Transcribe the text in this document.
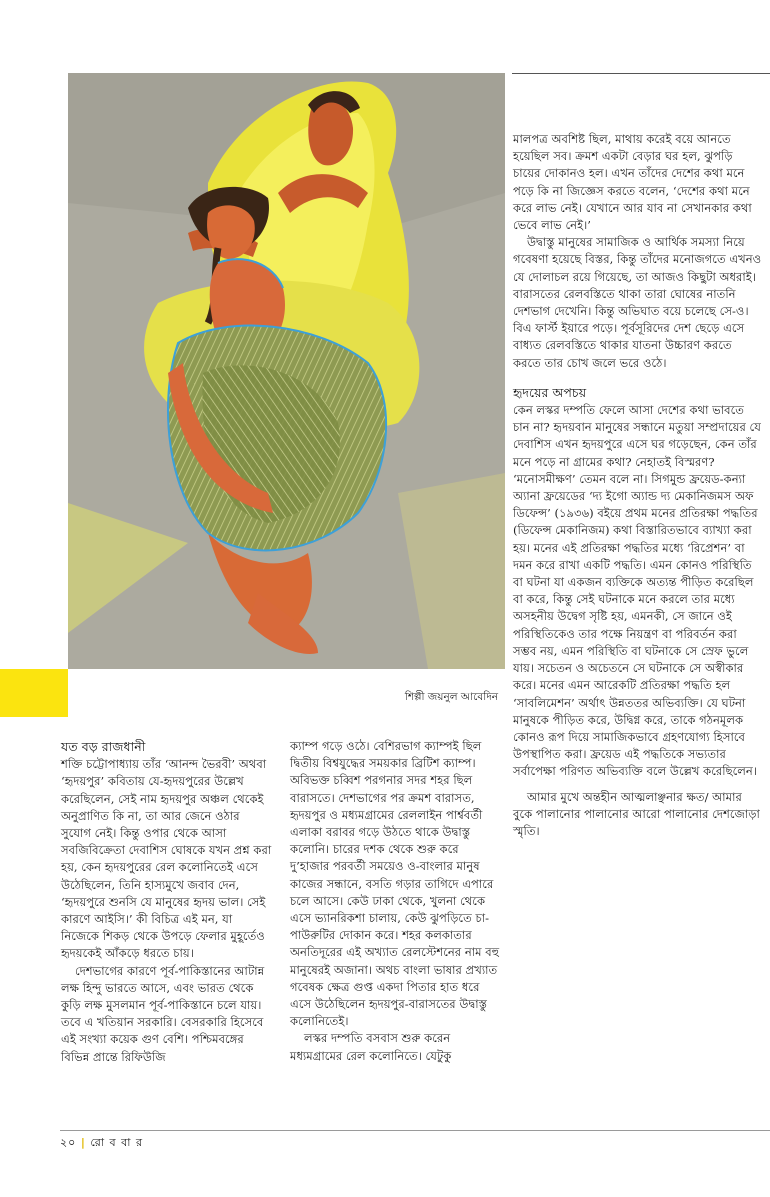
শিল্পী জয়নুল আবেদিন

মালপত্র অবশিষ্ট ছিল, মাথায় করেই বয়ে আনতে হয়েছিল সব। ক্রমশ একটা বেড়ার ঘর হল, ঝুপড়ি চায়ের দোকানও হল। এখন তাঁদের দেশের কথা মনে পড়ে কি না জিজ্ঞেস করতে বলেন, ‘দেশের কথা মনে করে লাভ নেই। যেখানে আর যাব না সেখানকার কথা ভেবে লাভ নেই।’

উদ্বাস্তু মানুষের সামাজিক ও আর্থিক সমস্যা নিয়ে গবেষণা হয়েছে বিস্তর, কিন্তু তাঁদের মনোজগতে এখনও যে দোলাচল রয়ে গিয়েছে, তা আজও কিছুটা অধরাই। বারাসতের রেলবস্তিতে থাকা তারা ঘোষের নাতনি দেশভাগ দেখেনি। কিন্তু অভিঘাত বয়ে চলেছে সে-ও। বিএ ফার্স্ট ইয়ারে পড়ে। পূর্বসূরিদের দেশ ছেড়ে এসে বাধ্যত রেলবস্তিতে থাকার যাতনা উচ্চারণ করতে করতে তার চোখ জলে ভরে ওঠে।

হৃদয়ের অপচয়

কেন লস্কর দম্পতি ফেলে আসা দেশের কথা ভাবতে চান না? হৃদয়বান মানুষের সন্ধানে মতুয়া সম্প্রদায়ের যে দেবাশিস এখন হৃদয়পুরে এসে ঘর গড়েছেন, কেন তাঁর মনে পড়ে না গ্রামের কথা? নেহাতই বিস্মরণ? ‘মনোসমীক্ষণ’ তেমন বলে না। সিগমুন্ড ফ্রয়েড-কন্যা অ্যানা ফ্রয়েডের ‘দ্য ইগো অ্যান্ড দ্য মেকানিজমস অফ ডিফেন্স’ (১৯৩৬) বইয়ে প্রথম মনের প্রতিরক্ষা পদ্ধতির (ডিফেন্স মেকানিজম) কথা বিস্তারিতভাবে ব্যাখ্যা করা হয়। মনের এই প্রতিরক্ষা পদ্ধতির মধ্যে ‘রিপ্রেশন’ বা দমন করে রাখা একটি পদ্ধতি। এমন কোনও পরিস্থিতি বা ঘটনা যা একজন ব্যক্তিকে অত্যন্ত পীড়িত করেছিল বা করে, কিন্তু সেই ঘটনাকে মনে করলে তার মধ্যে অসহনীয় উদ্বেগ সৃষ্টি হয়, এমনকী, সে জানে ওই পরিস্থিতিকেও তার পক্ষে নিয়ন্ত্রণ বা পরিবর্তন করা সম্ভব নয়, এমন পরিস্থিতি বা ঘটনাকে সে স্রেফ ভুলে যায়। সচেতন ও অচেতনে সে ঘটনাকে সে অস্বীকার করে। মনের এমন আরেকটি প্রতিরক্ষা পদ্ধতি হল ‘সাবলিমেশন’ অর্থাৎ উন্নততর অভিব্যক্তি। যে ঘটনা মানুষকে পীড়িত করে, উদ্বিগ্ন করে, তাকে গঠনমূলক কোনও রূপ দিয়ে সামাজিকভাবে গ্রহণযোগ্য হিসাবে উপস্থাপিত করা। ফ্রয়েড এই পদ্ধতিকে সভ্যতার সর্বাপেক্ষা পরিণত অভিব্যক্তি বলে উল্লেখ করেছিলেন।

আমার মুখে অন্তহীন আত্মলাঞ্ছনার ক্ষত/ আমার বুকে পালানোর পালানোর আরো পালানোর দেশজোড়া স্মৃতি।

যত বড় রাজধানী

শক্তি চট্টোপাধ্যায় তাঁর ‘আনন্দ ভৈরবী’ অথবা ‘হৃদয়পুর’ কবিতায় যে-হৃদয়পুরের উল্লেখ করেছিলেন, সেই নাম হৃদয়পুর অঞ্চল থেকেই অনুপ্রাণিত কি না, তা আর জেনে ওঠার সুযোগ নেই। কিন্তু ওপার থেকে আসা সবজিবিক্রেতা দেবাশিস ঘোষকে যখন প্রশ্ন করা হয়, কেন হৃদয়পুরের রেল কলোনিতেই এসে উঠেছিলেন, তিনি হাস্যমুখে জবাব দেন, ‘হৃদয়পুরে শুনসি যে মানুষের হৃদয় ভাল। সেই কারণে আইসি।’ কী বিচিত্র এই মন, যা নিজেকে শিকড় থেকে উপড়ে ফেলার মুহূর্তেও হৃদয়কেই আঁকড়ে ধরতে চায়।

দেশভাগের কারণে পূর্ব-পাকিস্তানের আটান্ন লক্ষ হিন্দু ভারতে আসে, এবং ভারত থেকে কুড়ি লক্ষ মুসলমান পূর্ব-পাকিস্তানে চলে যায়। তবে এ খতিয়ান সরকারি। বেসরকারি হিসেবে এই সংখ্যা কয়েক গুণ বেশি। পশ্চিমবঙ্গের বিভিন্ন প্রান্তে রিফিউজি

ক্যাম্প গড়ে ওঠে। বেশিরভাগ ক্যাম্পই ছিল দ্বিতীয় বিশ্বযুদ্ধের সময়কার ব্রিটিশ ক্যাম্প। অবিভক্ত চব্বিশ পরগনার সদর শহর ছিল বারাসতে। দেশভাগের পর ক্রমশ বারাসত, হৃদয়পুর ও মধ্যমগ্রামের রেললাইন পার্শ্ববর্তী এলাকা বরাবর গড়ে উঠতে থাকে উদ্বাস্তু কলোনি। চারের দশক থেকে শুরু করে দু’হাজার পরবর্তী সময়েও ও-বাংলার মানুষ কাজের সন্ধানে, বসতি গড়ার তাগিদে এপারে চলে আসে। কেউ ঢাকা থেকে, খুলনা থেকে এসে ভ্যানরিকশা চালায়, কেউ ঝুপড়িতে চা-পাউরুটির দোকান করে। শহর কলকাতার অনতিদূরের এই অখ্যাত রেলস্টেশনের নাম বহু মানুষেরই অজানা। অথচ বাংলা ভাষার প্রখ্যাত গবেষক ক্ষেত্র গুপ্ত একদা পিতার হাত ধরে এসে উঠেছিলেন হৃদয়পুর-বারাসতের উদ্বাস্তু কলোনিতেই।

লস্কর দম্পতি বসবাস শুরু করেন মধ্যমগ্রামের রেল কলোনিতে। যেটুকু

২০ | রো ব বা র
